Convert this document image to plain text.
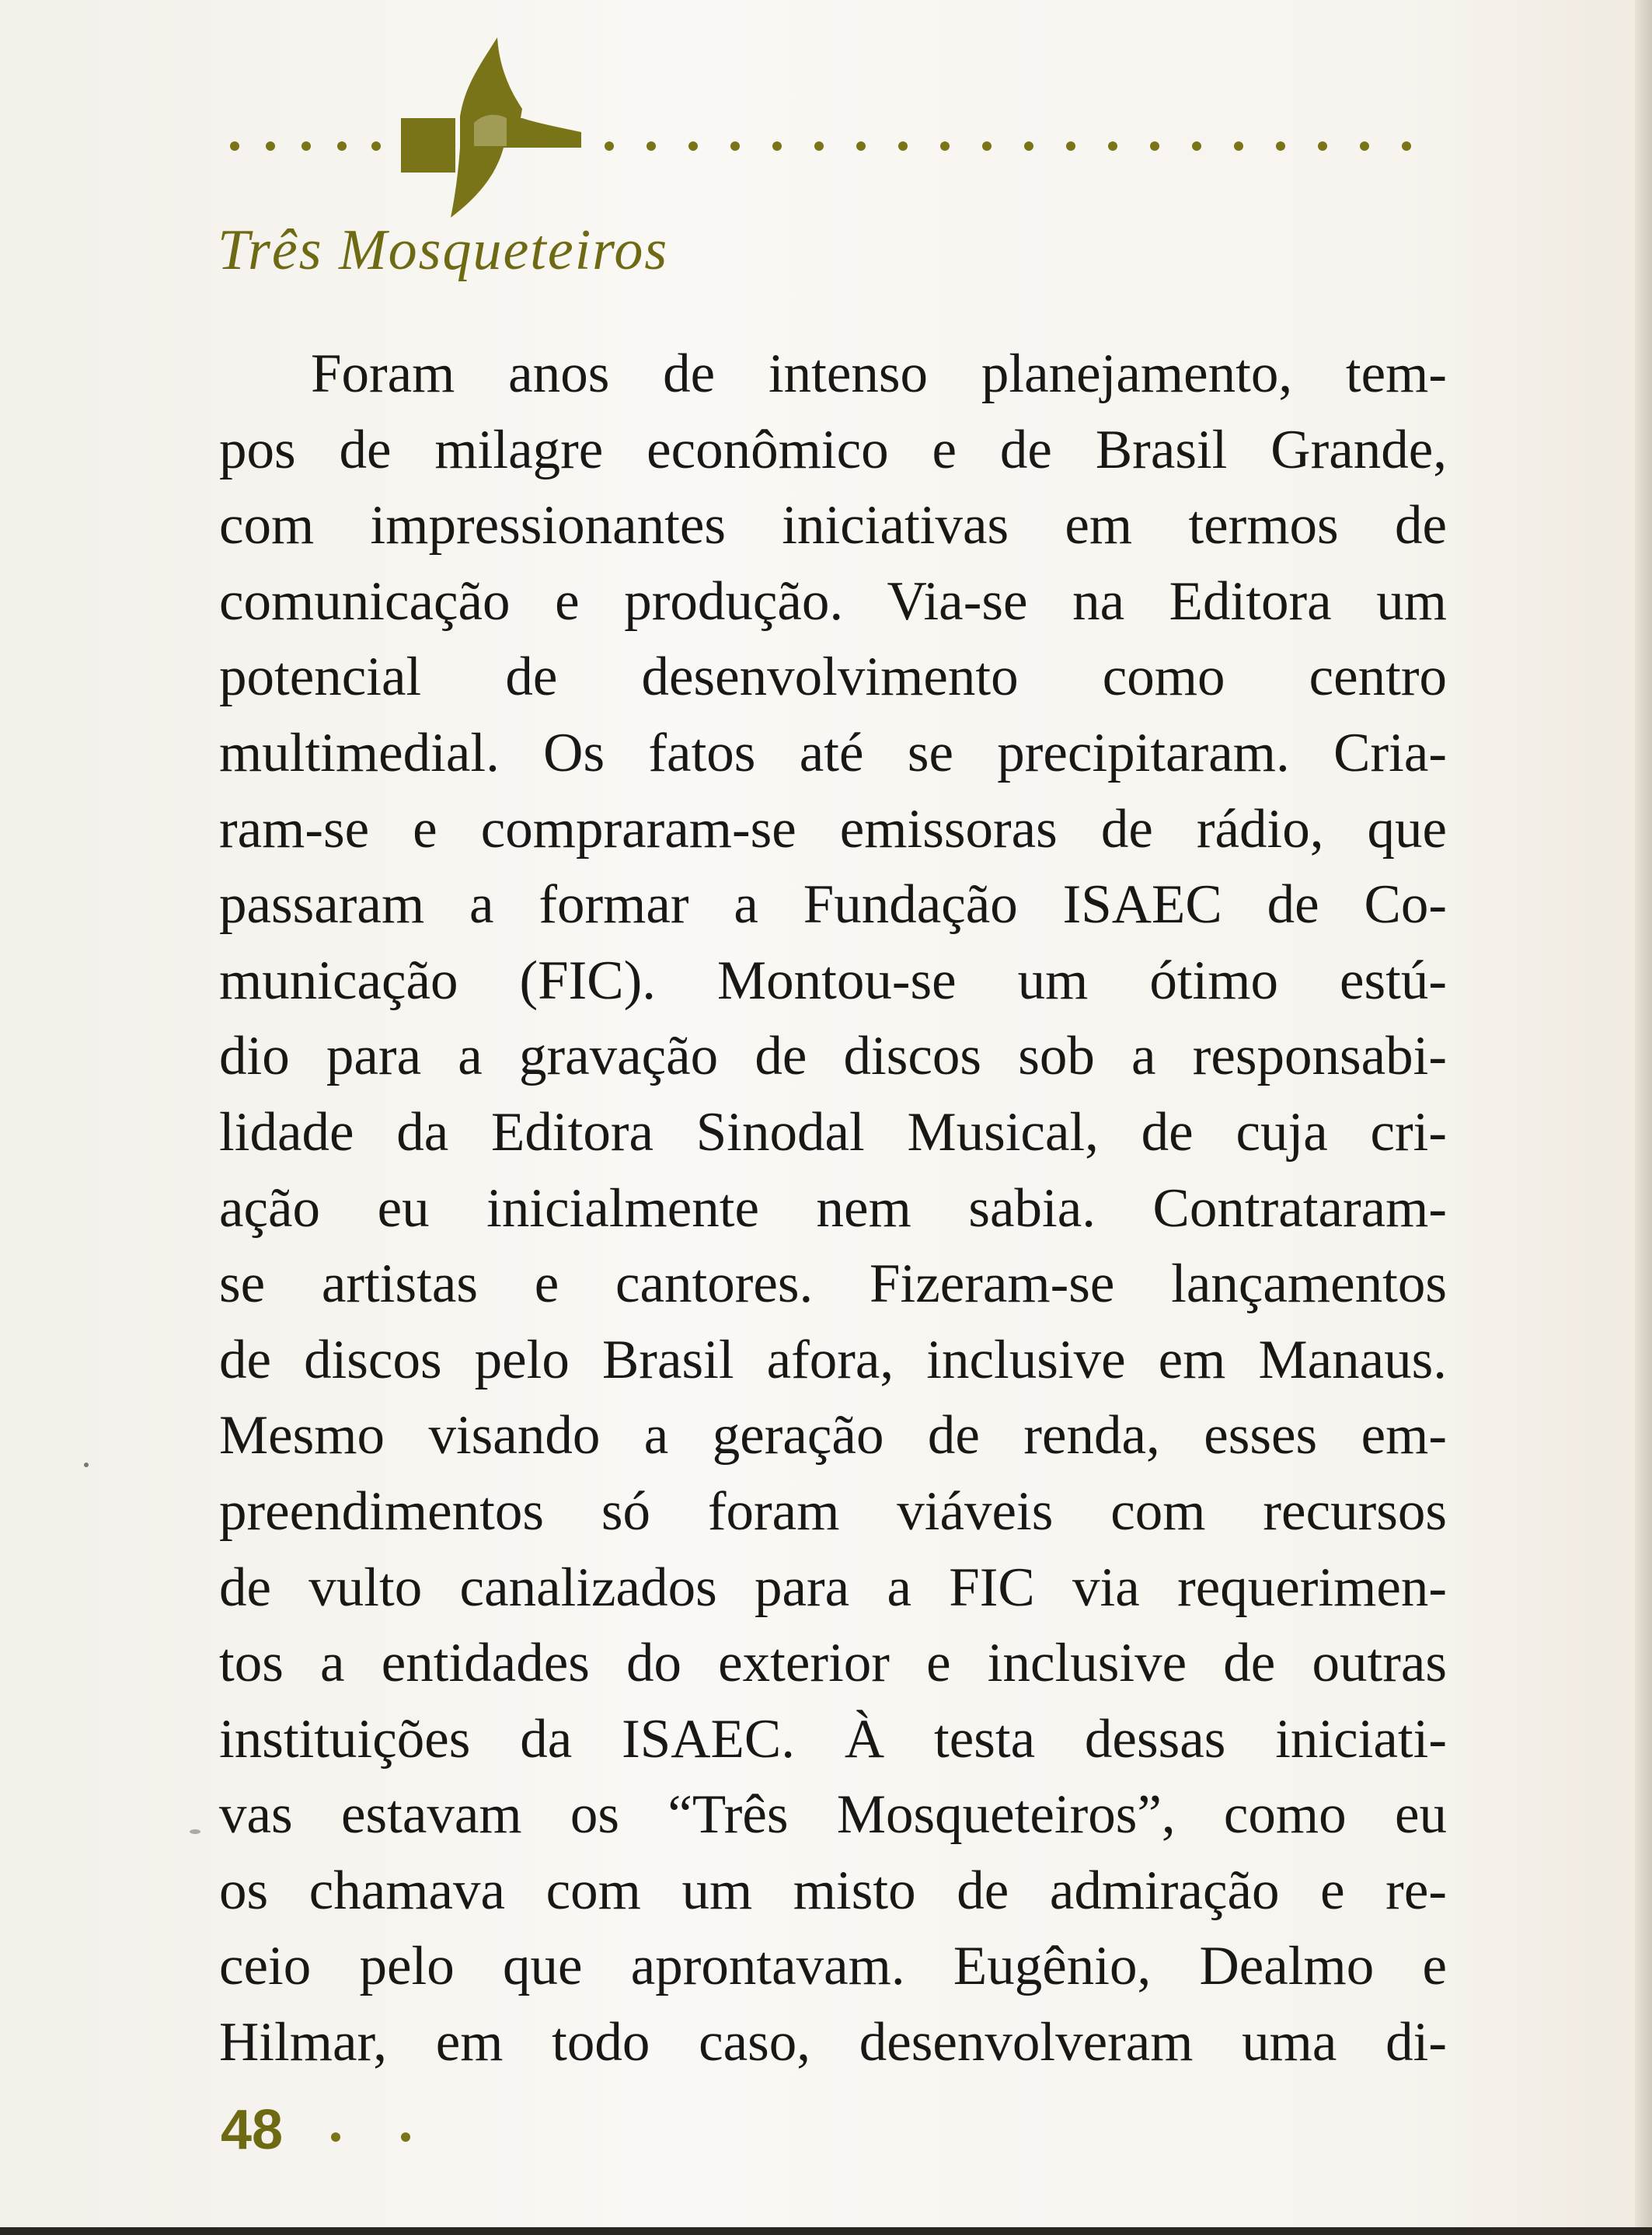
Três Mosqueteiros
Foram anos de intenso planejamento, tem-
pos de milagre econômico e de Brasil Grande,
com impressionantes iniciativas em termos de
comunicação e produção. Via-se na Editora um
potencial de desenvolvimento como centro
multimedial. Os fatos até se precipitaram. Cria-
ram-se e compraram-se emissoras de rádio, que
passaram a formar a Fundação ISAEC de Co-
municação (FIC). Montou-se um ótimo estú-
dio para a gravação de discos sob a responsabi-
lidade da Editora Sinodal Musical, de cuja cri-
ação eu inicialmente nem sabia. Contrataram-
se artistas e cantores. Fizeram-se lançamentos
de discos pelo Brasil afora, inclusive em Manaus.
Mesmo visando a geração de renda, esses em-
preendimentos só foram viáveis com recursos
de vulto canalizados para a FIC via requerimen-
tos a entidades do exterior e inclusive de outras
instituições da ISAEC. À testa dessas iniciati-
vas estavam os “Três Mosqueteiros”, como eu
os chamava com um misto de admiração e re-
ceio pelo que aprontavam. Eugênio, Dealmo e
Hilmar, em todo caso, desenvolveram uma di-
48
